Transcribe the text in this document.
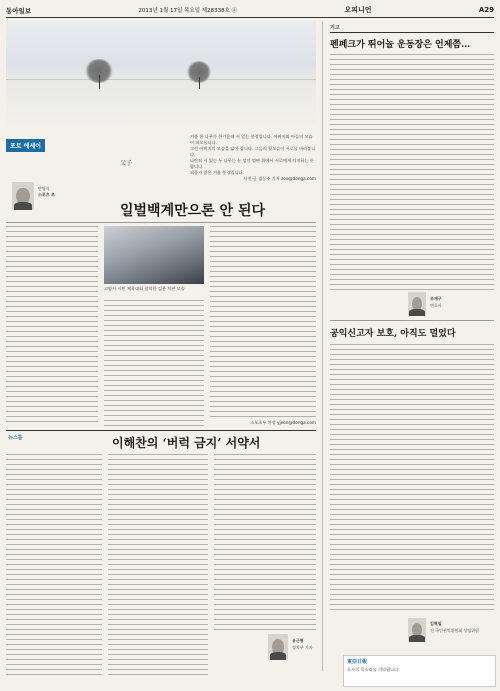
동아일보	2013년 1월 17일 목요일 제28338호 ⓐ	오피니언	A29
겨울 한 나무가 한가운데 서 있는 풍경입니다. 아버지와 아들의 모습이 떠오릅니다.
그런 아버지의 모습을 닮아 갑니다. 그들의 뒷모습이 서로를 바라봅니다.
나란히 서 있는 두 나무는 눈 덮인 벌판 위에서 서로에게 의지하는 듯합니다.
외롭지 않은 겨울 풍경입니다.
사진·글 김동주 기자 zoo@donga.com
포토 에세이
父子
반영식
스포츠 초
일벌백계만으론 안 된다
고양시 시민 체육대회 참석한 김용 차관 모습
스포츠부 차장 yjeon@donga.com
뉴스룸	이해찬의 ‘버럭 금지’ 서약서
유근형
정치부 기자
기고
펜페크가 뛰어놀 운동장은 언제쯤…
조재구
변호사
공익신고자 보호, 아직도 멀었다
김혁일
전 국민권익위원회 상임위원
東亞日報
독자의 목소리를 기다립니다
